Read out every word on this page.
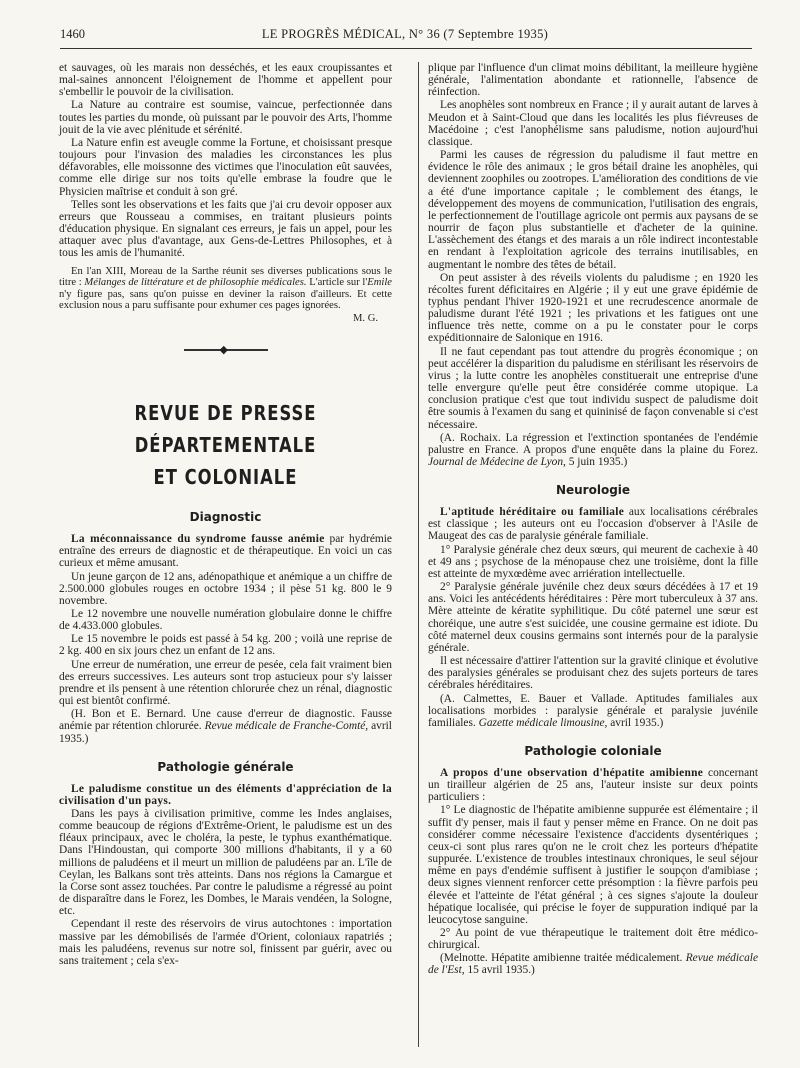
1460	LE PROGRÈS MÉDICAL, N° 36 (7 Septembre 1935)

et sauvages, où les marais non desséchés, et les eaux croupissantes et mal-saines annoncent l'éloignement de l'homme et appellent pour s'embellir le pouvoir de la civilisation.

La Nature au contraire est soumise, vaincue, perfectionnée dans toutes les parties du monde, où puissant par le pouvoir des Arts, l'homme jouit de la vie avec plénitude et sérénité.

La Nature enfin est aveugle comme la Fortune, et choisissant presque toujours pour l'invasion des maladies les circonstances les plus défavorables, elle moissonne des victimes que l'inoculation eût sauvées, comme elle dirige sur nos toits qu'elle embrase la foudre que le Physicien maîtrise et conduit à son gré.

Telles sont les observations et les faits que j'ai cru devoir opposer aux erreurs que Rousseau a commises, en traitant plusieurs points d'éducation physique. En signalant ces erreurs, je fais un appel, pour les attaquer avec plus d'avantage, aux Gens-de-Lettres Philosophes, et à tous les amis de l'humanité.

En l'an XIII, Moreau de la Sarthe réunit ses diverses publications sous le titre : Mélanges de littérature et de philosophie médicales. L'article sur l'Emile n'y figure pas, sans qu'on puisse en deviner la raison d'ailleurs. Et cette exclusion nous a paru suffisante pour exhumer ces pages ignorées.

M. G.

◆
REVUE DE PRESSE DÉPARTEMENTALE
ET COLONIALE
Diagnostic

La méconnaissance du syndrome fausse anémie par hydrémie entraîne des erreurs de diagnostic et de thérapeutique. En voici un cas curieux et même amusant.

Un jeune garçon de 12 ans, adénopathique et anémique a un chiffre de 2.500.000 globules rouges en octobre 1934 ; il pèse 51 kg. 800 le 9 novembre.

Le 12 novembre une nouvelle numération globulaire donne le chiffre de 4.433.000 globules.

Le 15 novembre le poids est passé à 54 kg. 200 ; voilà une reprise de 2 kg. 400 en six jours chez un enfant de 12 ans.

Une erreur de numération, une erreur de pesée, cela fait vraiment bien des erreurs successives. Les auteurs sont trop astucieux pour s'y laisser prendre et ils pensent à une rétention chlorurée chez un rénal, diagnostic qui est bientôt confirmé.

(H. Bon et E. Bernard. Une cause d'erreur de diagnostic. Fausse anémie par rétention chlorurée. Revue médicale de Franche-Comté, avril 1935.)

Pathologie générale

Le paludisme constitue un des éléments d'appréciation de la civilisation d'un pays.

Dans les pays à civilisation primitive, comme les Indes anglaises, comme beaucoup de régions d'Extrême-Orient, le paludisme est un des fléaux principaux, avec le choléra, la peste, le typhus exanthématique. Dans l'Hindoustan, qui comporte 300 millions d'habitants, il y a 60 millions de paludéens et il meurt un million de paludéens par an. L'île de Ceylan, les Balkans sont très atteints. Dans nos régions la Camargue et la Corse sont assez touchées. Par contre le paludisme a régressé au point de disparaître dans le Forez, les Dombes, le Marais vendéen, la Sologne, etc.

Cependant il reste des réservoirs de virus autochtones : importation massive par les démobilisés de l'armée d'Orient, coloniaux rapatriés ; mais les paludéens, revenus sur notre sol, finissent par guérir, avec ou sans traitement ; cela s'ex-

plique par l'influence d'un climat moins débilitant, la meilleure hygiène générale, l'alimentation abondante et rationnelle, l'absence de réinfection.

Les anophèles sont nombreux en France ; il y aurait autant de larves à Meudon et à Saint-Cloud que dans les localités les plus fiévreuses de Macédoine ; c'est l'anophélisme sans paludisme, notion aujourd'hui classique.

Parmi les causes de régression du paludisme il faut mettre en évidence le rôle des animaux ; le gros bétail draine les anophèles, qui deviennent zoophiles ou zootropes. L'amélioration des conditions de vie a été d'une importance capitale ; le comblement des étangs, le développement des moyens de communication, l'utilisation des engrais, le perfectionnement de l'outillage agricole ont permis aux paysans de se nourrir de façon plus substantielle et d'acheter de la quinine. L'assèchement des étangs et des marais a un rôle indirect incontestable en rendant à l'exploitation agricole des terrains inutilisables, en augmentant le nombre des têtes de bétail.

On peut assister à des réveils violents du paludisme ; en 1920 les récoltes furent déficitaires en Algérie ; il y eut une grave épidémie de typhus pendant l'hiver 1920-1921 et une recrudescence anormale de paludisme durant l'été 1921 ; les privations et les fatigues ont une influence très nette, comme on a pu le constater pour le corps expéditionnaire de Salonique en 1916.

Il ne faut cependant pas tout attendre du progrès économique ; on peut accélérer la disparition du paludisme en stérilisant les réservoirs de virus ; la lutte contre les anophèles constituerait une entreprise d'une telle envergure qu'elle peut être considérée comme utopique. La conclusion pratique c'est que tout individu suspect de paludisme doit être soumis à l'examen du sang et quininisé de façon convenable si c'est nécessaire.

(A. Rochaix. La régression et l'extinction spontanées de l'endémie palustre en France. A propos d'une enquête dans la plaine du Forez. Journal de Médecine de Lyon, 5 juin 1935.)

Neurologie

L'aptitude héréditaire ou familiale aux localisations cérébrales est classique ; les auteurs ont eu l'occasion d'observer à l'Asile de Maugeat des cas de paralysie générale familiale.

1° Paralysie générale chez deux sœurs, qui meurent de cachexie à 40 et 49 ans ; psychose de la ménopause chez une troisième, dont la fille est atteinte de myxœdème avec arriération intellectuelle.

2° Paralysie générale juvénile chez deux sœurs décédées à 17 et 19 ans. Voici les antécédents héréditaires : Père mort tuberculeux à 37 ans. Mère atteinte de kératite syphilitique. Du côté paternel une sœur est choréique, une autre s'est suicidée, une cousine germaine est idiote. Du côté maternel deux cousins germains sont internés pour de la paralysie générale.

Il est nécessaire d'attirer l'attention sur la gravité clinique et évolutive des paralysies générales se produisant chez des sujets porteurs de tares cérébrales héréditaires.

(A. Calmettes, E. Bauer et Vallade. Aptitudes familiales aux localisations morbides : paralysie générale et paralysie juvénile familiales. Gazette médicale limousine, avril 1935.)

Pathologie coloniale

A propos d'une observation d'hépatite amibienne concernant un tirailleur algérien de 25 ans, l'auteur insiste sur deux points particuliers :

1° Le diagnostic de l'hépatite amibienne suppurée est élémentaire ; il suffit d'y penser, mais il faut y penser même en France. On ne doit pas considérer comme nécessaire l'existence d'accidents dysentériques ; ceux-ci sont plus rares qu'on ne le croit chez les porteurs d'hépatite suppurée. L'existence de troubles intestinaux chroniques, le seul séjour même en pays d'endémie suffisent à justifier le soupçon d'amibiase ; deux signes viennent renforcer cette présomption : la fièvre parfois peu élevée et l'atteinte de l'état général ; à ces signes s'ajoute la douleur hépatique localisée, qui précise le foyer de suppuration indiqué par la leucocytose sanguine.

2° Au point de vue thérapeutique le traitement doit être médico-chirurgical.

(Melnotte. Hépatite amibienne traitée médicalement. Revue médicale de l'Est, 15 avril 1935.)
